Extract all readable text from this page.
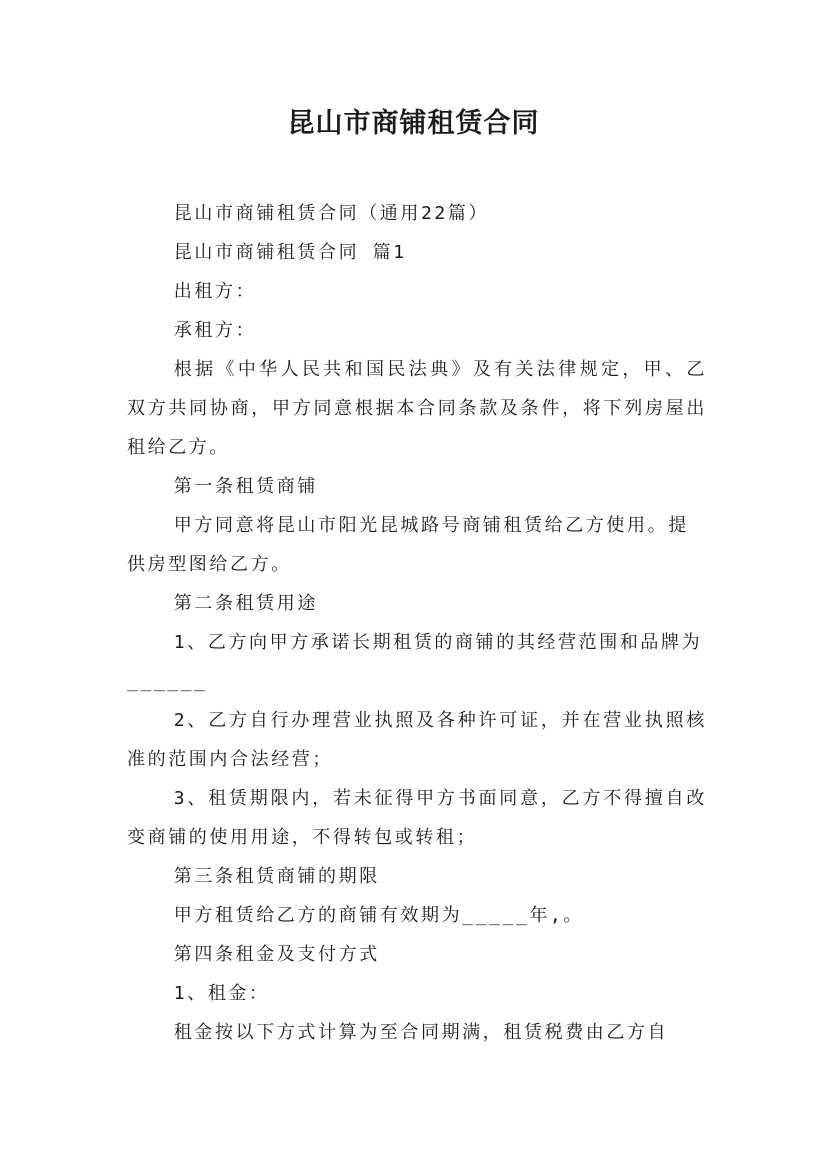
昆山市商铺租赁合同

昆山市商铺租赁合同（通用22篇）

昆山市商铺租赁合同 篇1

出租方：

承租方：

根据《中华人民共和国民法典》及有关法律规定，甲、乙双方共同协商，甲方同意根据本合同条款及条件，将下列房屋出租给乙方。

第一条租赁商铺

甲方同意将昆山市阳光昆城路号商铺租赁给乙方使用。提供房型图给乙方。

第二条租赁用途

1、乙方向甲方承诺长期租赁的商铺的其经营范围和品牌为______

2、乙方自行办理营业执照及各种许可证，并在营业执照核准的范围内合法经营；

3、租赁期限内，若未征得甲方书面同意，乙方不得擅自改变商铺的使用用途，不得转包或转租；

第三条租赁商铺的期限

甲方租赁给乙方的商铺有效期为_____年,。

第四条租金及支付方式

1、租金：

租金按以下方式计算为至合同期满，租赁税费由乙方自
